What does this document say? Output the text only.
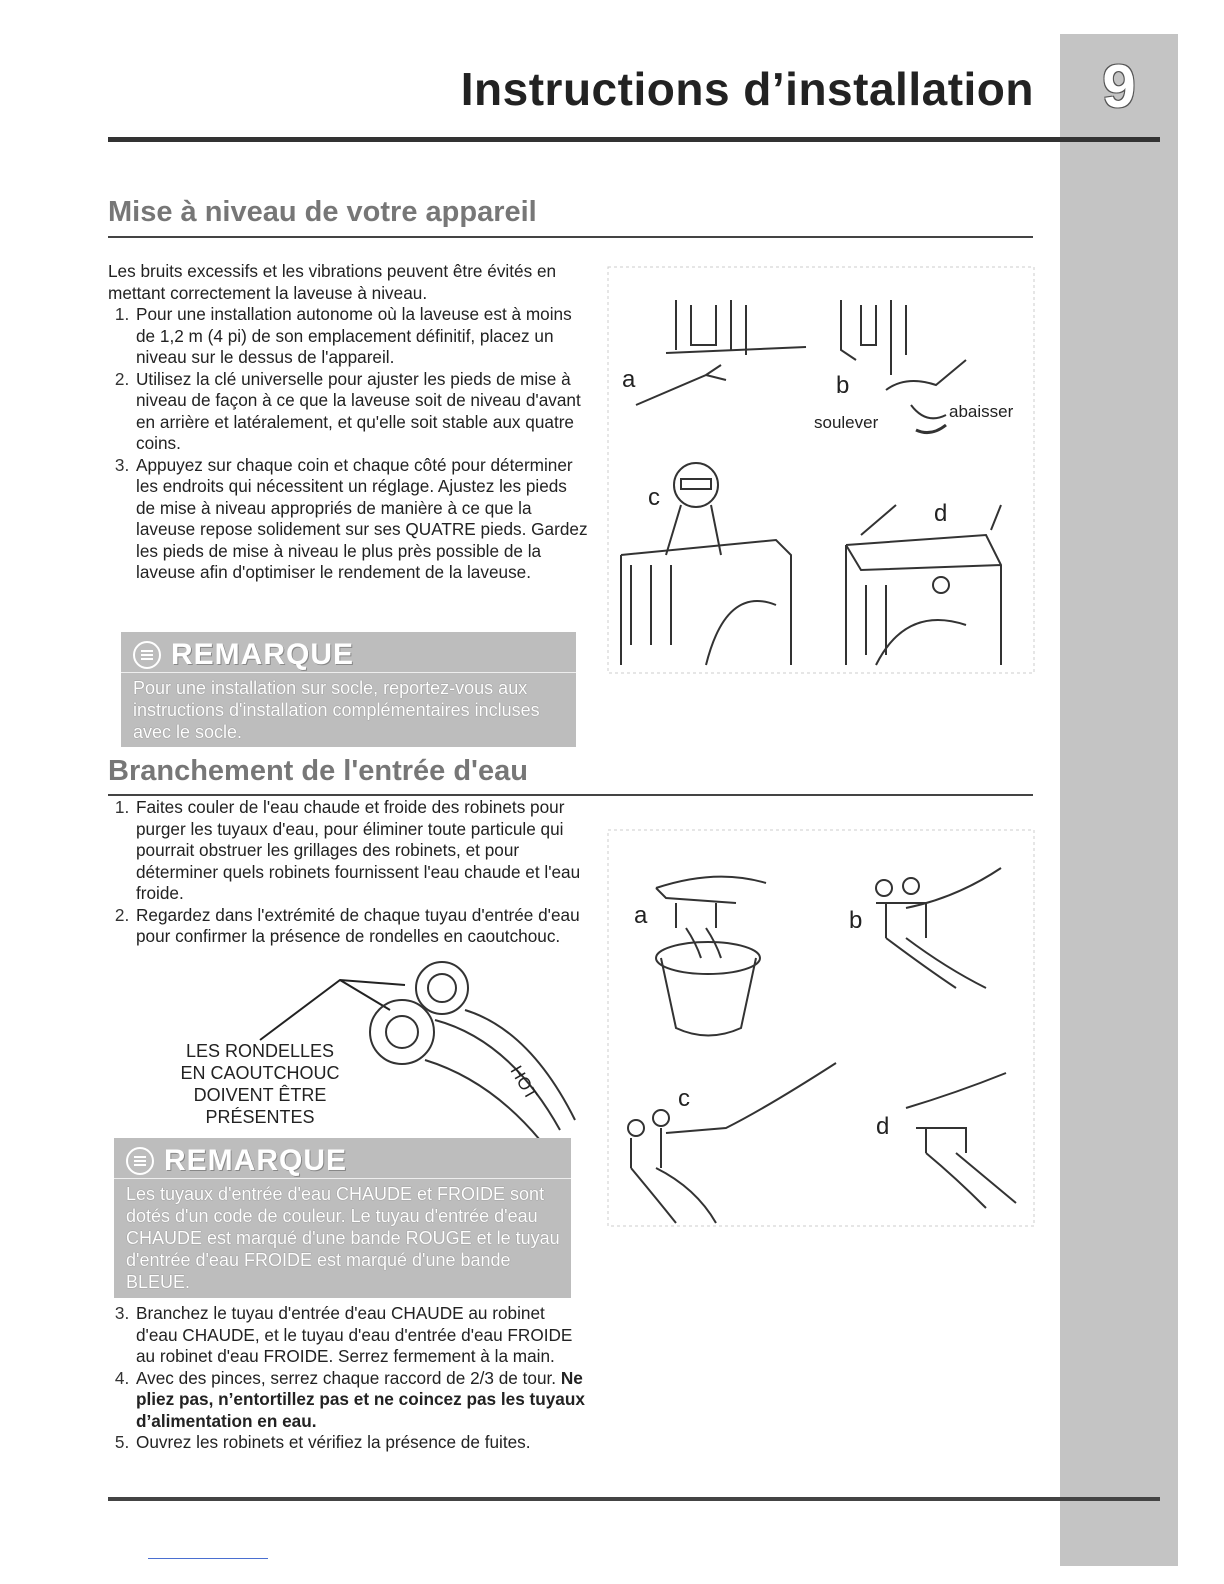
9
Instructions d’installation
Mise à niveau de votre appareil

Les bruits excessifs et les vibrations peuvent être évités en mettant correctement la laveuse à niveau.

1. Pour une installation autonome où la laveuse est à moins de 1,2 m (4 pi) de son emplacement définitif, placez un niveau sur le dessus de l'appareil.
2. Utilisez la clé universelle pour ajuster les pieds de mise à niveau de façon à ce que la laveuse soit de niveau d'avant en arrière et latéralement, et qu'elle soit stable aux quatre coins.
3. Appuyez sur chaque coin et chaque côté pour déterminer les endroits qui nécessitent un réglage. Ajustez les pieds de mise à niveau appropriés de manière à ce que la laveuse repose solidement sur ses QUATRE pieds. Gardez les pieds de mise à niveau le plus près possible de la laveuse afin d'optimiser le rendement de la laveuse.
REMARQUE
Pour une installation sur socle, reportez-vous aux instructions d'installation complémentaires incluses avec le socle.
a	b
soulever
abaisser
c
d
Branchement de l'entrée d'eau
1. Faites couler de l'eau chaude et froide des robinets pour purger les tuyaux d'eau, pour éliminer toute particule qui pourrait obstruer les grillages des robinets, et pour déterminer quels robinets fournissent l'eau chaude et l'eau froide.
2. Regardez dans l'extrémité de chaque tuyau d'entrée d'eau pour confirmer la présence de rondelles en caoutchouc.
HOT
LES RONDELLES
EN CAOUTCHOUC
DOIVENT ÊTRE
PRÉSENTES
REMARQUE
Les tuyaux d'entrée d'eau CHAUDE et FROIDE sont dotés d'un code de couleur. Le tuyau d'entrée d'eau CHAUDE est marqué d'une bande ROUGE et le tuyau d'entrée d'eau FROIDE est marqué d'une bande BLEUE.
3. Branchez le tuyau d'entrée d'eau CHAUDE au robinet d'eau CHAUDE, et le tuyau d'eau d'entrée d'eau FROIDE au robinet d'eau FROIDE. Serrez fermement à la main.
4. Avec des pinces, serrez chaque raccord de 2/3 de tour. Ne pliez pas, n’entortillez pas et ne coincez pas les tuyaux d’alimentation en eau.
5. Ouvrez les robinets et vérifiez la présence de fuites.
a	b
c
d
